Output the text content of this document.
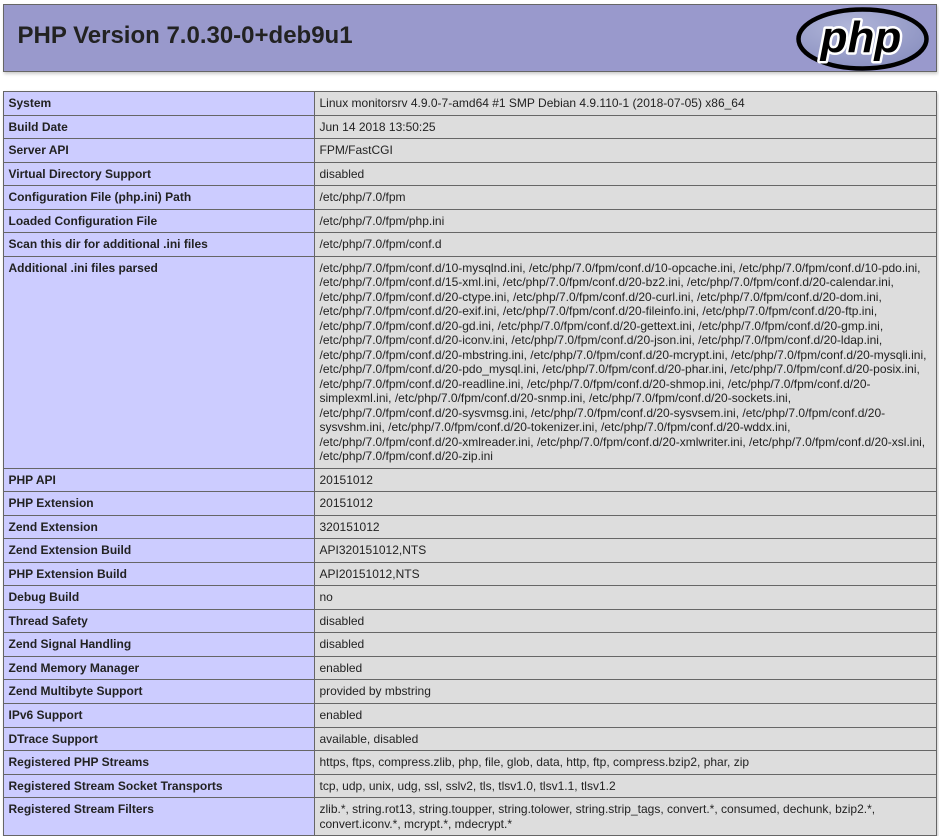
php
PHP Version 7.0.30-0+deb9u1
System	Linux monitorsrv 4.9.0-7-amd64 #1 SMP Debian 4.9.110-1 (2018-07-05) x86_64
Build Date	Jun 14 2018 13:50:25
Server API	FPM/FastCGI
Virtual Directory Support	disabled
Configuration File (php.ini) Path	/etc/php/7.0/fpm
Loaded Configuration File	/etc/php/7.0/fpm/php.ini
Scan this dir for additional .ini files	/etc/php/7.0/fpm/conf.d
Additional .ini files parsed	/etc/php/7.0/fpm/conf.d/10-mysqlnd.ini, /etc/php/7.0/fpm/conf.d/10-opcache.ini, /etc/php/7.0/fpm/conf.d/10-pdo.ini, /etc/php/7.0/fpm/conf.d/15-xml.ini, /etc/php/7.0/fpm/conf.d/20-bz2.ini, /etc/php/7.0/fpm/conf.d/20-calendar.ini, /etc/php/7.0/fpm/conf.d/20-ctype.ini, /etc/php/7.0/fpm/conf.d/20-curl.ini, /etc/php/7.0/fpm/conf.d/20-dom.ini, /etc/php/7.0/fpm/conf.d/20-exif.ini, /etc/php/7.0/fpm/conf.d/20-fileinfo.ini, /etc/php/7.0/fpm/conf.d/20-ftp.ini, /etc/php/7.0/fpm/conf.d/20-gd.ini, /etc/php/7.0/fpm/conf.d/20-gettext.ini, /etc/php/7.0/fpm/conf.d/20-gmp.ini, /etc/php/7.0/fpm/conf.d/20-iconv.ini, /etc/php/7.0/fpm/conf.d/20-json.ini, /etc/php/7.0/fpm/conf.d/20-ldap.ini, /etc/php/7.0/fpm/conf.d/20-mbstring.ini, /etc/php/7.0/fpm/conf.d/20-mcrypt.ini, /etc/php/7.0/fpm/conf.d/20-mysqli.ini, /etc/php/7.0/fpm/conf.d/20-pdo_mysql.ini, /etc/php/7.0/fpm/conf.d/20-phar.ini, /etc/php/7.0/fpm/conf.d/20-posix.ini, /etc/php/7.0/fpm/conf.d/20-readline.ini, /etc/php/7.0/fpm/conf.d/20-shmop.ini, /etc/php/7.0/fpm/conf.d/20-simplexml.ini, /etc/php/7.0/fpm/conf.d/20-snmp.ini, /etc/php/7.0/fpm/conf.d/20-sockets.ini, /etc/php/7.0/fpm/conf.d/20-sysvmsg.ini, /etc/php/7.0/fpm/conf.d/20-sysvsem.ini, /etc/php/7.0/fpm/conf.d/20-sysvshm.ini, /etc/php/7.0/fpm/conf.d/20-tokenizer.ini, /etc/php/7.0/fpm/conf.d/20-wddx.ini, /etc/php/7.0/fpm/conf.d/20-xmlreader.ini, /etc/php/7.0/fpm/conf.d/20-xmlwriter.ini, /etc/php/7.0/fpm/conf.d/20-xsl.ini, /etc/php/7.0/fpm/conf.d/20-zip.ini
PHP API	20151012
PHP Extension	20151012
Zend Extension	320151012
Zend Extension Build	API320151012,NTS
PHP Extension Build	API20151012,NTS
Debug Build	no
Thread Safety	disabled
Zend Signal Handling	disabled
Zend Memory Manager	enabled
Zend Multibyte Support	provided by mbstring
IPv6 Support	enabled
DTrace Support	available, disabled
Registered PHP Streams	https, ftps, compress.zlib, php, file, glob, data, http, ftp, compress.bzip2, phar, zip
Registered Stream Socket Transports	tcp, udp, unix, udg, ssl, sslv2, tls, tlsv1.0, tlsv1.1, tlsv1.2
Registered Stream Filters	zlib.*, string.rot13, string.toupper, string.tolower, string.strip_tags, convert.*, consumed, dechunk, bzip2.*, convert.iconv.*, mcrypt.*, mdecrypt.*
